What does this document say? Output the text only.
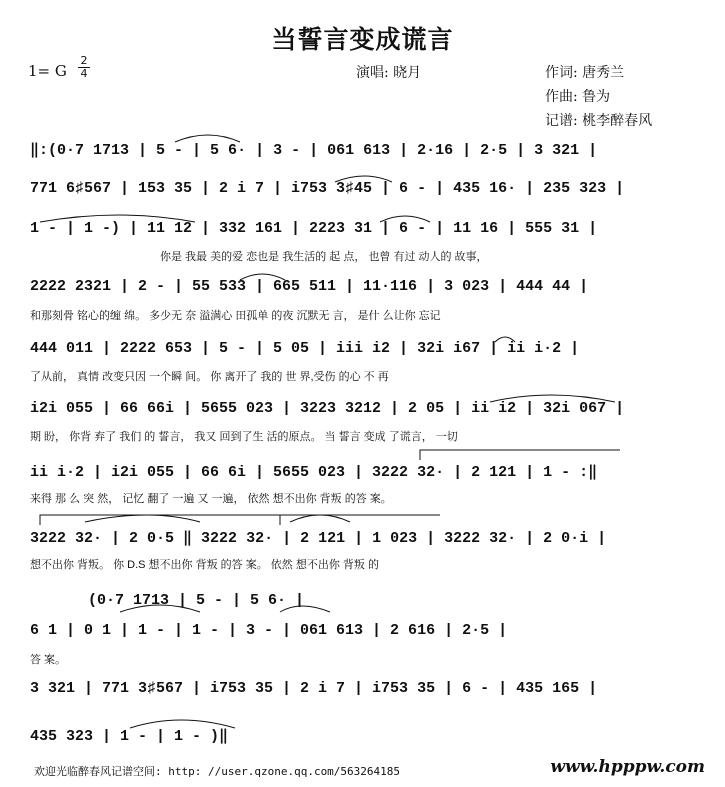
当誓言变成谎言
1= G
2
4	演唱: 晓月	作词: 唐秀兰
作曲: 鲁为
记谱: 桃李醉春风
‖:(0·7 1713 | 5 - | 5 6· | 3 - | 061 613 | 2·16 | 2·5 | 3 321 |
771 6♯567 | 153 35 | 2 i 7 | i753 3♯45 | 6 - | 435 16· | 235 323 |
1 - | 1 -) | 11 12 | 332 161 | 2223 31 | 6 - | 11 16 | 555 31 |
你是 我最 美的爱 恋也是 我生活的 起 点， 也曾 有过 动人的 故事，
2222 2321 | 2 - | 55 533 | 665 511 | 11·116 | 3 023 | 444 44 |
和那刻骨 铭心的缠 绵。 多少无 奈 溢满心 田孤单 的夜 沉默无 言， 是什 么让你 忘记
444 011 | 2222 653 | 5 - | 5 05 | iii i2 | 32i i67 | ii i·2 |
了从前， 真情 改变只因 一个瞬 间。 你 离开了 我的 世 界,受伤 的心 不 再
i2i 055 | 66 66i | 5655 023 | 3223 3212 | 2 05 | ii i2 | 32i 067 |
期 盼， 你背 弃了 我们 的 誓言， 我又 回到了生 活的原点。 当 誓言 变成 了谎言， 一切
ii i·2 | i2i 055 | 66 6i | 5655 023 | 3222 32· | 2 121 | 1 - :‖
来得 那 么 突 然， 记忆 翻了 一遍 又 一遍， 依然 想不出你 背叛 的答 案。
3222 32· | 2 0·5 ‖ 3222 32· | 2 121 | 1 023 | 3222 32· | 2 0·i |
想不出你 背叛。 你 D.S 想不出你 背叛 的答 案。 依然 想不出你 背叛 的
(0·7 1713 | 5 - | 5 6· |
6 1 | 0 1 | 1 - | 1 - | 3 - | 061 613 | 2 616 | 2·5 |
答 案。
3 321 | 771 3♯567 | i753 35 | 2 i 7 | i753 35 | 6 - | 435 165 |
435 323 | 1 - | 1 - )‖
欢迎光临醉春风记谱空间: http: //user.qzone.qq.com/563264185	www.hpppw.com
